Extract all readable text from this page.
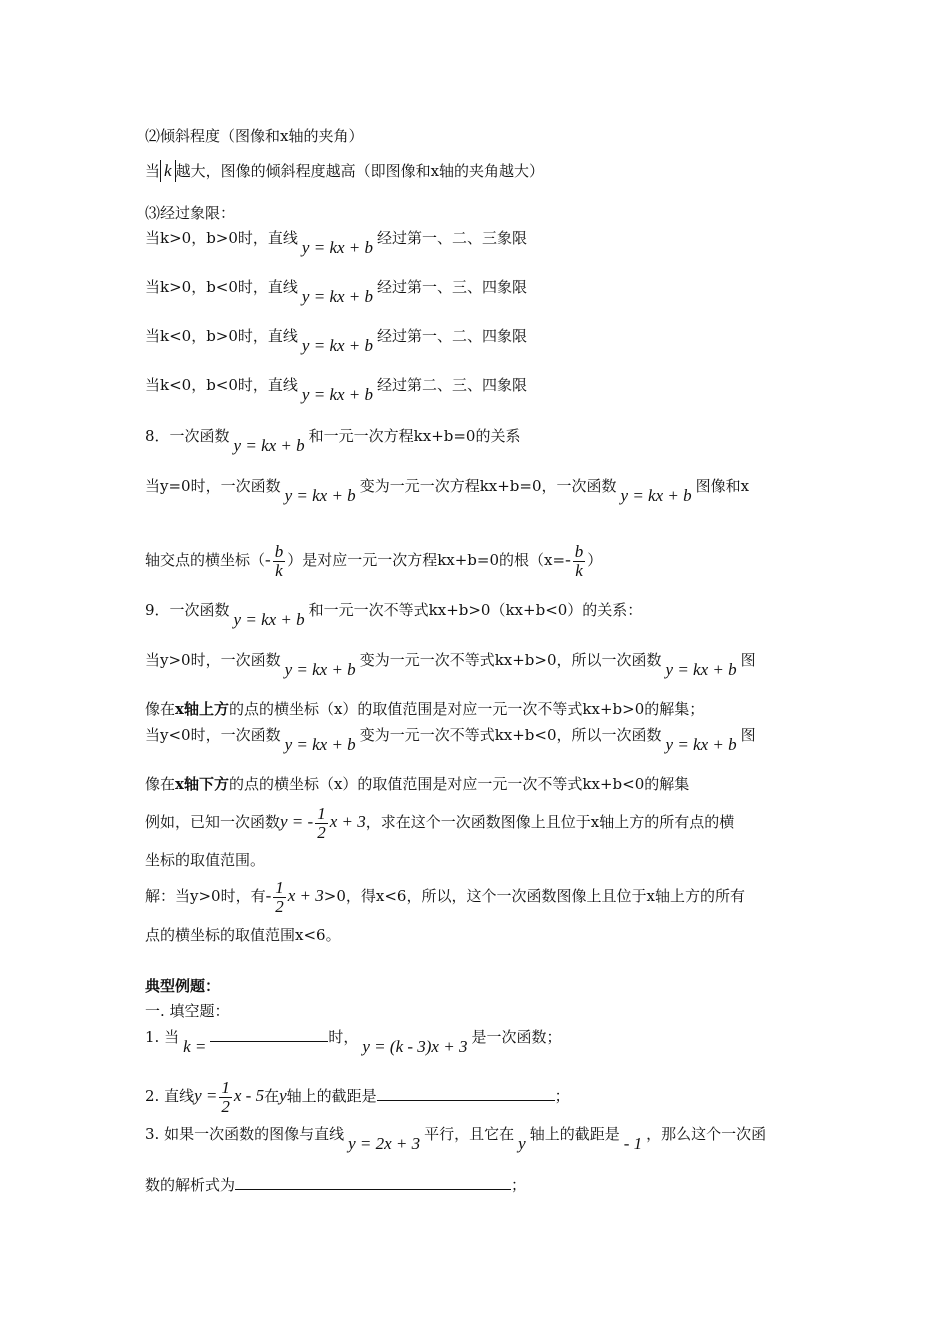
⑵倾斜程度（图像和x轴的夹角）
当 k 越大，图像的倾斜程度越高（即图像和x轴的夹角越大）
⑶经过象限：
当k>0，b>0时，直线 y = kx + b 经过第一、二、三象限
当k>0，b<0时，直线 y = kx + b 经过第一、三、四象限
当k<0，b>0时，直线 y = kx + b 经过第一、二、四象限
当k<0，b<0时，直线 y = kx + b 经过第二、三、四象限
8．一次函数 y = kx + b 和一元一次方程kx+b=0的关系
当y=0时，一次函数 y = kx + b 变为一元一次方程kx+b=0，一次函数 y = kx + b 图像和x
轴交点的横坐标（- $\frac{b}{k}$ ）是对应一元一次方程kx+b=0的根（$x=- \frac{b}{k}$ ）
9．一次函数 y = kx + b 和一元一次不等式kx+b>0（kx+b<0）的关系：
当y>0时，一次函数 y = kx + b 变为一元一次不等式kx+b>0，所以一次函数 y = kx + b 图
像在x轴上方的点的横坐标（x）的取值范围是对应一元一次不等式kx+b>0的解集；
当y<0时，一次函数 y = kx + b 变为一元一次不等式kx+b<0，所以一次函数 y = kx + b 图
像在x轴下方的点的横坐标（x）的取值范围是对应一元一次不等式kx+b<0的解集
例如，已知一次函数y = - $\frac{1}{2}$ x + 3，求在这个一次函数图像上且位于x轴上方的所有点的横
坐标的取值范围。
解：当y>0时，有- $\frac{1}{2}$ x + 3>0，得x<6，所以，这个一次函数图像上且位于x轴上方的所有
点的横坐标的取值范围x<6。
典型例题：
一. 填空题：
1. 当 k =	时， y = (k - 3)x + 3 是一次函数；
2. 直线$y = \frac{1}{2}$ x - 5在y轴上的截距是	；
3. 如果一次函数的图像与直线 y = 2x + 3 平行，且它在 y 轴上的截距是 - 1 ，那么这个一次函
数的解析式为	；
